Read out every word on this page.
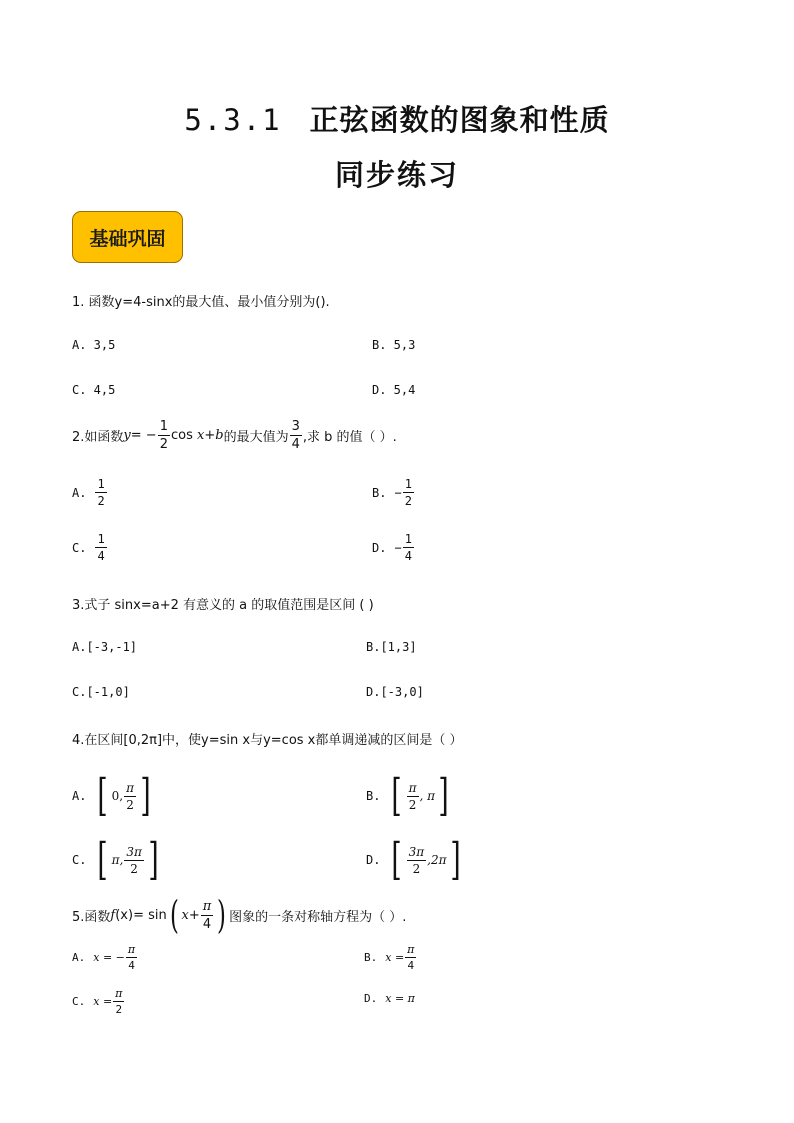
5.3.1 正弦函数的图象和性质
同步练习
基础巩固
1. 函数y=4-sinx的最大值、最小值分别为().
A. 3,5	B. 5,3
C. 4,5	D. 5,4
2.如函数 y = − $\frac{1}{2}$ cos
x + b 的最大值为 $\frac{3}{4}$ ,求 b 的值（ ）.
A. $\frac{1}{2}$	B. − $\frac{1}{2}$
C. $\frac{1}{4}$	D. − $\frac{1}{4}$
3.式子 sinx=a+2 有意义的 a 的取值范围是区间 ( )
A.[-3,-1]	B.[1,3]
C.[-1,0]	D.[-3,0]
4.在区间[0,2π]中，使y=sin x与y=cos x都单调递减的区间是（ ）
A. [ 0, $\frac{\pi}{2}$ ]	B. [ $\frac{\pi}{2}$ , π ]
C. [ π, $\frac{3\pi}{2}$ ]	D. [ $\frac{3\pi}{2} ,2\pi$ ]
5.函数 f (x) = sin ( $x + \frac{\pi}{4}$ ) 图象的一条对称轴方程为（ ）.
A. x = − $\frac{\pi}{4}$	B. $x = \frac{\pi}{4}$
C. $x = \frac{\pi}{2}$	D. x = π
